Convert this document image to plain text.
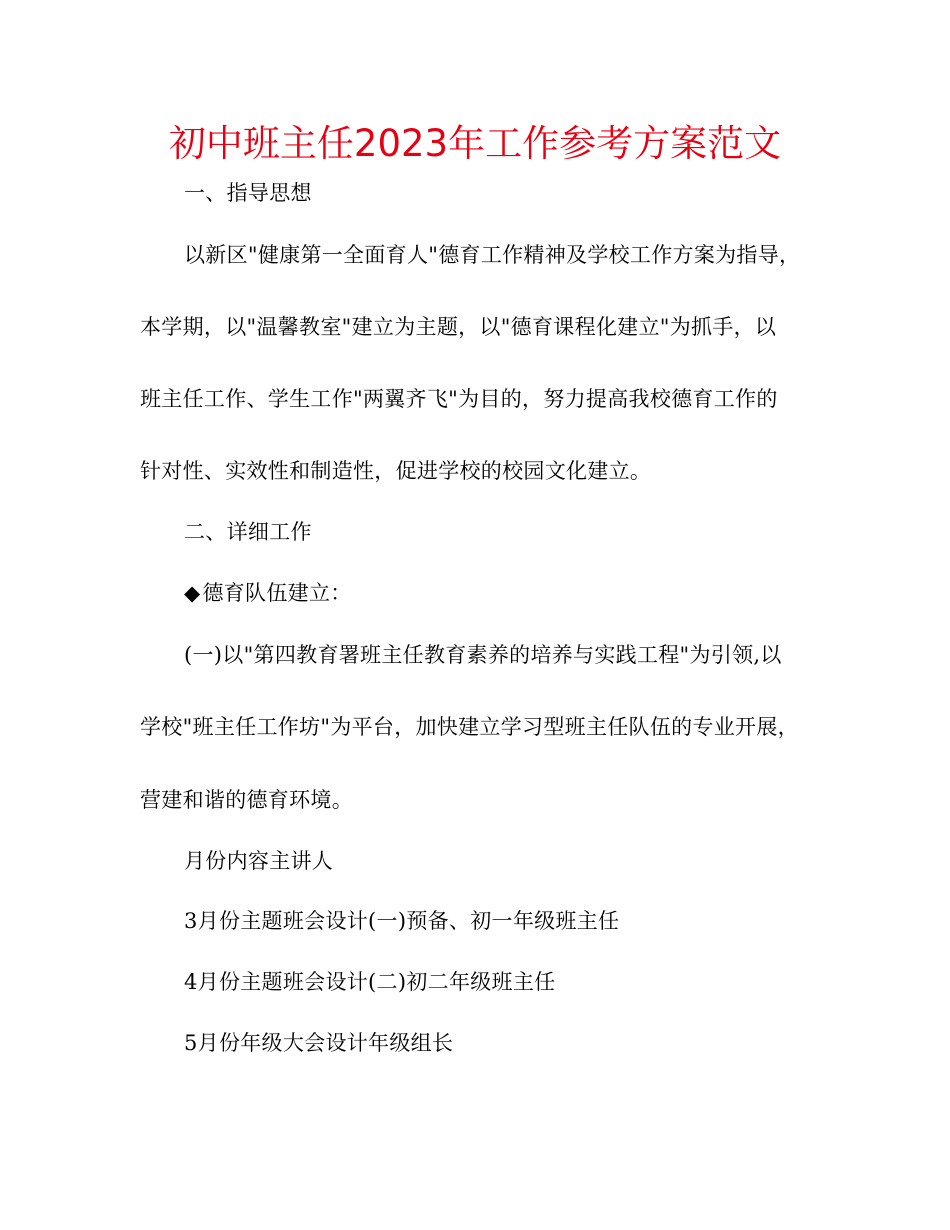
初中班主任2023年工作参考方案范文
一、指导思想
以新区"健康第一全面育人"德育工作精神及学校工作方案为指导，
本学期，以"温馨教室"建立为主题，以"德育课程化建立"为抓手，以
班主任工作、学生工作"两翼齐飞"为目的，努力提高我校德育工作的
针对性、实效性和制造性，促进学校的校园文化建立。
二、详细工作
◆德育队伍建立：
(一)以"第四教育署班主任教育素养的培养与实践工程"为引领,以
学校"班主任工作坊"为平台，加快建立学习型班主任队伍的专业开展，
营建和谐的德育环境。
月份内容主讲人
3月份主题班会设计(一)预备、初一年级班主任
4月份主题班会设计(二)初二年级班主任
5月份年级大会设计年级组长
